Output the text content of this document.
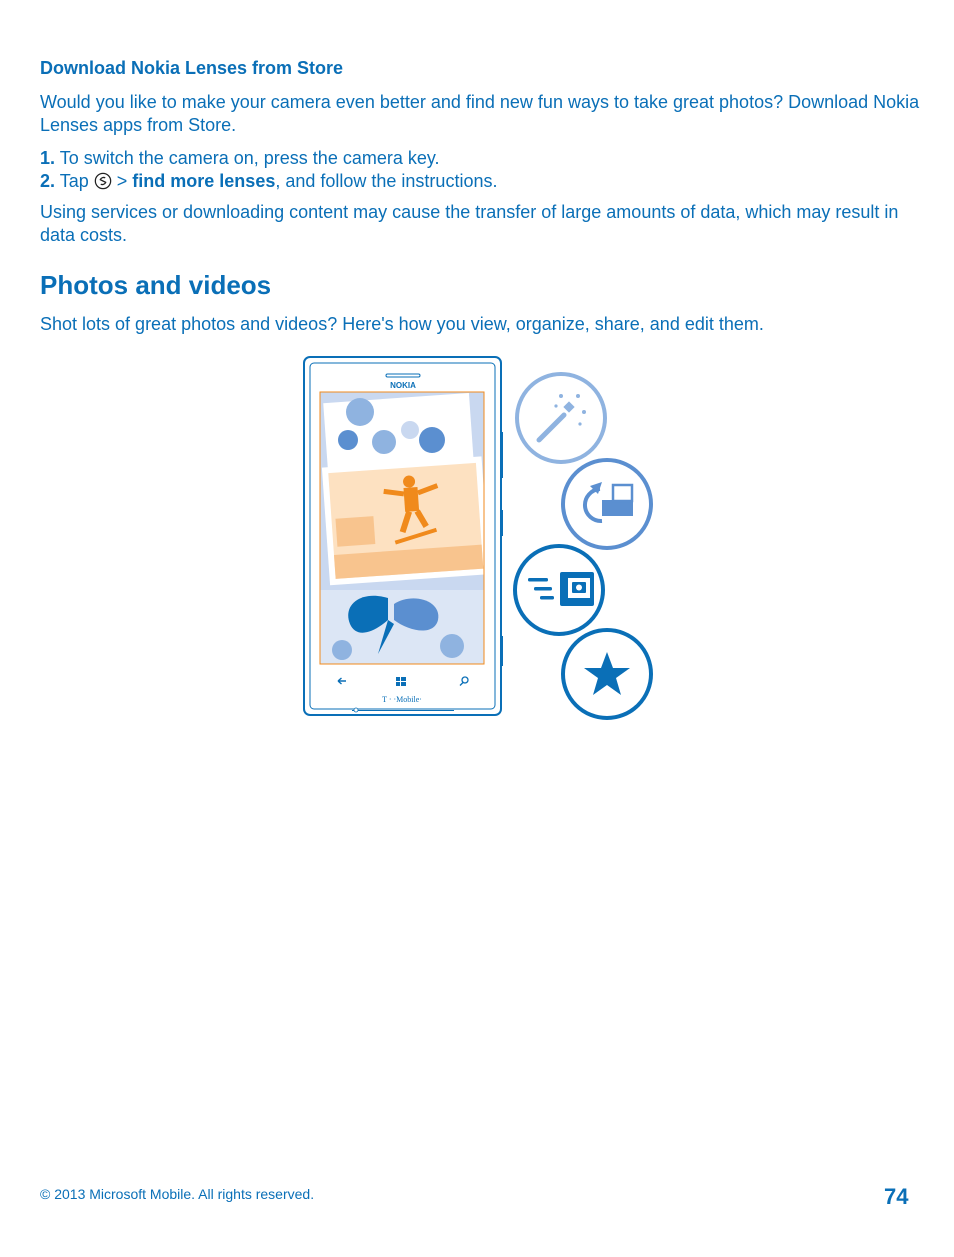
Download Nokia Lenses from Store

Would you like to make your camera even better and find new fun ways to take great photos? Download Nokia Lenses apps from Store.

1. To switch the camera on, press the camera key.
2. Tap > find more lenses, and follow the instructions.

Using services or downloading content may cause the transfer of large amounts of data, which may result in data costs.

Photos and videos

Shot lots of great photos and videos? Here's how you view, organize, share, and edit them.

NOKIA
T · ·Mobile·

© 2013 Microsoft Mobile. All rights reserved.	74
